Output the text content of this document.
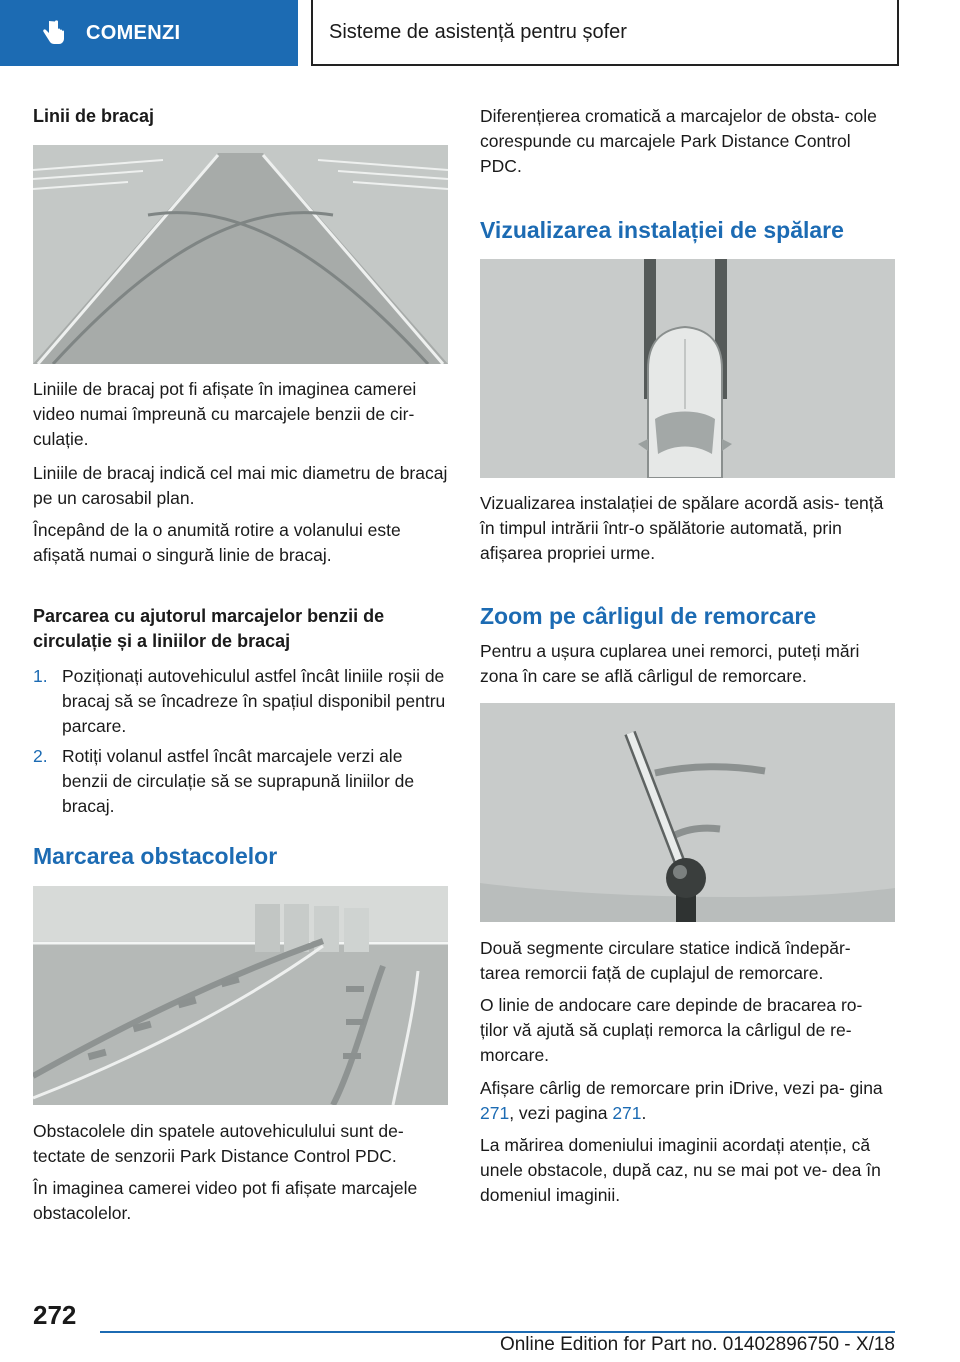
COMENZI	Sisteme de asistență pentru șofer
Linii de bracaj

Liniile de bracaj pot fi afișate în imaginea camerei video numai împreună cu marcajele benzii de cir‐ culație.

Liniile de bracaj indică cel mai mic diametru de bracaj pe un carosabil plan.

Începând de la o anumită rotire a volanului este afișată numai o singură linie de bracaj.

Parcarea cu ajutorul marcajelor benzii de circulație și a liniilor de bracaj
1. Poziționați autovehiculul astfel încât liniile roșii de bracaj să se încadreze în spațiul disponibil pentru parcare.
2. Rotiți volanul astfel încât marcajele verzi ale benzii de circulație să se suprapună liniilor de bracaj.
Marcarea obstacolelor

Obstacolele din spatele autovehiculului sunt de‐ tectate de senzorii Park Distance Control PDC.

În imaginea camerei video pot fi afișate marcajele obstacolelor.

Diferențierea cromatică a marcajelor de obsta‐ cole corespunde cu marcajele Park Distance Control PDC.

Vizualizarea instalației de spălare

Vizualizarea instalației de spălare acordă asis‐ tență în timpul intrării într-o spălătorie automată, prin afișarea propriei urme.

Zoom pe cârligul de remorcare

Pentru a ușura cuplarea unei remorci, puteți mări zona în care se află cârligul de remorcare.

Două segmente circulare statice indică îndepăr‐ tarea remorcii față de cuplajul de remorcare.

O linie de andocare care depinde de bracarea ro‐ ților vă ajută să cuplați remorca la cârligul de re‐ morcare.

Afișare cârlig de remorcare prin iDrive, vezi pa‐ gina 271, vezi pagina 271.

La mărirea domeniului imaginii acordați atenție, că unele obstacole, după caz, nu se mai pot ve‐ dea în domeniul imaginii.

272
Online Edition for Part no. 01402896750 - X/18
